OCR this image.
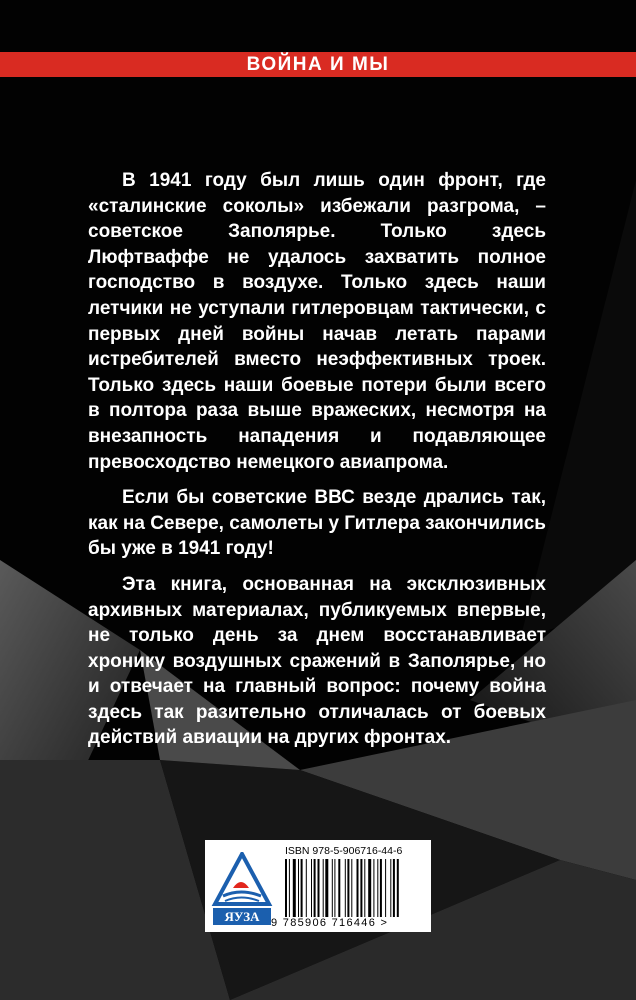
ВОЙНА И МЫ

В 1941 году был лишь один фронт, где «сталинские соколы» избежали разгрома, – советское Заполярье. Только здесь Люфтваффе не удалось захватить полное господство в воздухе. Только здесь наши летчики не уступали гитлеровцам тактически, с первых дней войны начав летать парами истребителей вместо неэффективных троек. Только здесь наши боевые потери были всего в полтора раза выше вражеских, несмотря на внезапность нападения и подавляющее превосходство немецкого авиапрома.

Если бы советские ВВС везде дрались так, как на Севере, самолеты у Гитлера закончились бы уже в 1941 году!

Эта книга, основанная на эксклюзивных архивных материалах, публикуемых впервые, не только день за днем восстанавливает хронику воздушных сражений в Заполярье, но и отвечает на главный вопрос: почему война здесь так разительно отличалась от боевых действий авиации на других фронтах.

ЯУЗА
ISBN 978-5-906716-44-6
9 785906 716446 >
